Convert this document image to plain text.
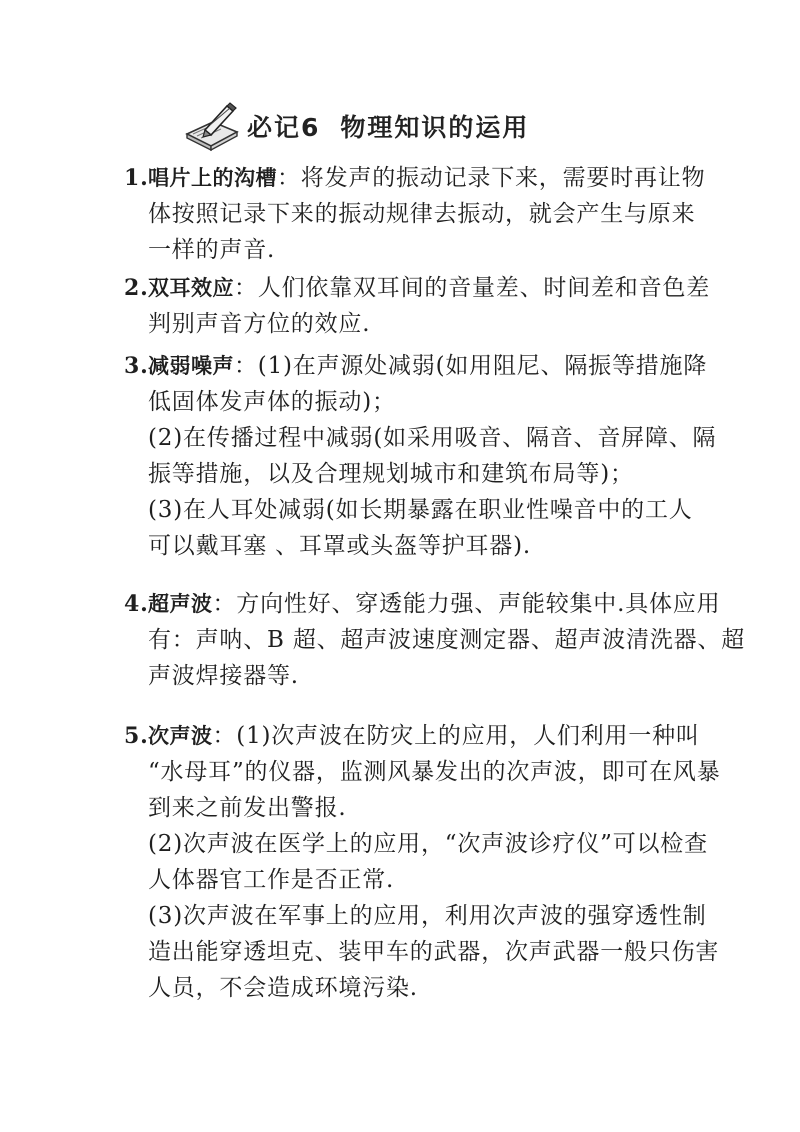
必记6 物理知识的运用
1. 唱片上的沟槽：将发声的振动记录下来，需要时再让物
体按照记录下来的振动规律去振动，就会产生与原来
一样的声音.
2. 双耳效应：人们依靠双耳间的音量差、时间差和音色差
判别声音方位的效应.
3. 减弱噪声：(1)在声源处减弱(如用阻尼、隔振等措施降
低固体发声体的振动)；
(2)在传播过程中减弱(如采用吸音、隔音、音屏障、隔
振等措施，以及合理规划城市和建筑布局等)；
(3)在人耳处减弱(如长期暴露在职业性噪音中的工人
可以戴耳塞 、耳罩或头盔等护耳器).
4. 超声波：方向性好、穿透能力强、声能较集中.具体应用
有：声呐、B 超、超声波速度测定器、超声波清洗器、超
声波焊接器等.
5. 次声波：(1)次声波在防灾上的应用，人们利用一种叫
“水母耳”的仪器，监测风暴发出的次声波，即可在风暴
到来之前发出警报.
(2)次声波在医学上的应用，“次声波诊疗仪”可以检查
人体器官工作是否正常.
(3)次声波在军事上的应用，利用次声波的强穿透性制
造出能穿透坦克、装甲车的武器，次声武器一般只伤害
人员，不会造成环境污染.
